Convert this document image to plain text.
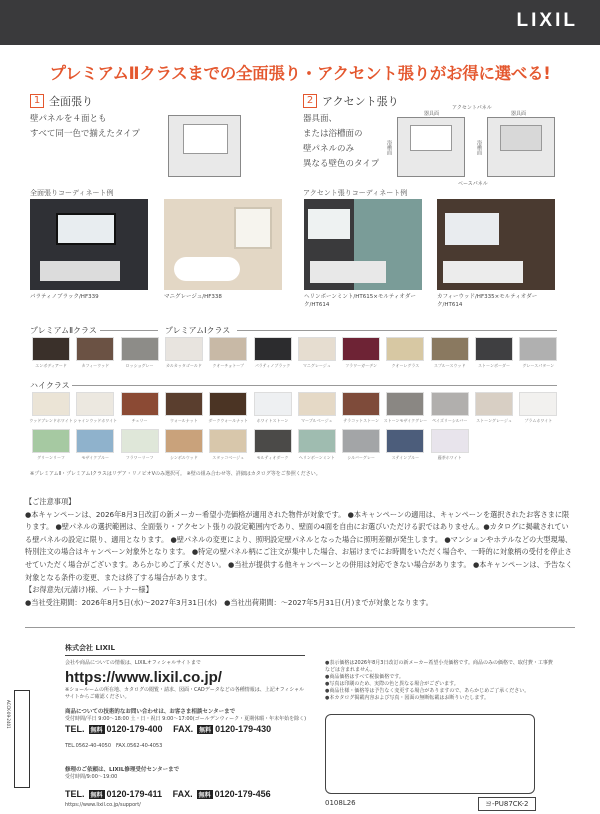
LIXIL
プレミアムⅡクラスまでの全面張り・アクセント張りがお得に選べる!
1 全面張り
壁パネルを４面とも
すべて同一色で揃えたタイプ
2 アクセント張り
器具面、
または浴槽面の
壁パネルのみ
異なる壁色のタイプ
器具面
アクセントパネル
器具面
浴槽面	浴槽面
ベースパネル
全面張りコーディネート例	アクセント張りコーディネート例
パラティノブラック/HF339	マニグレージュ/HF338	ヘリンボーンミント/HT615×モルティオダーク/HT614
カフィーウッド/HF335×モルティオダーク/HT614
プレミアムⅡクラス	プレミアムⅠクラス
ハイクラス
エンボディアード	カフィーウッド	ロッショグレー	カルカッタゴールド	クオーチョトープ	パラティノブラック	マニグレージュ	フラワーガーデン	クオーレグラス	スプルースウッド	ストーンボーダー	グレースパターン
ウッドブレンドホワイト シャインウッドホワイト	チェリー	ウォールナット	ダークウォールナット	ホワイトストーン	マーブルベージュ	テラコットストーン	ストーンモザイクグレー	ペイズリーシルバー	ストーングレージュ	プラムホワイト
グリーンリーフ	モザイクブルー	フラワーリーフ	シンボルウッド	スタッコベージュ	モルティオダーク	ヘリンボーンミント	シルバーグレー	ステインブルー	藤茶ホワイト
※プレミアムⅡ・プレミアムⅠクラスはリデア・リノビオVのみ選択可。 ※壁の組み合わせ等、詳細はカタログ等をご参照ください。
【ご注意事項】
●本キャンペーンは、2026年8月3日改訂の新メーカー希望小売価格が適用された物件が対象です。 ●本キャンペーンの適用は、キャンペーンを選択されたお客さまに限ります。 ●壁パネルの選択範囲は、全面張り・アクセント張りの設定範囲内であり、壁面の4面を自由にお選びいただける訳ではありません。●カタログに掲載されている壁パネルの設定に限り、適用となります。 ●壁パネルの変更により、照明設定壁パネルとなった場合に照明差額が発生します。 ●マンションやホテルなどの大型現場、特別注文の場合はキャンペーン対象外となります。 ●特定の壁パネル柄にご注文が集中した場合、お届けまでにお時間をいただく場合や、一時的に対象柄の受付を停止させていただく場合がございます。あらかじめご了承ください。 ●当社が提供する他キャンペーンとの併用は対応できない場合があります。 ●本キャンペーンは、予告なく対象となる条件の変更、または終了する場合があります。
【お得意先(元請け)様、パートナー様】
●当社受注期間：2026年8月5日(水)〜2027年3月31日(水)　 ●当社出荷期間：〜2027年5月31日(月)までが対象となります。
株式会社 LIXIL
会社や商品についての情報は、LIXILオフィシャルサイトまで
https://www.lixil.co.jp/
※ショールームの所在地、カタログの閲覧・請求、図面・CADデータなどの各種情報は、上記オフィシャルサイトからご確認ください。
商品についての技術的なお問い合わせは、お客さま相談センターまで
受付時間/平日 9:00〜18:00 土・日・祝日 9:00〜17:00(ゴールデンウィーク・夏期休暇・年末年始を除く)
TEL. 無料 0120-179-400 FAX. 無料 0120-179-430
TEL.0562-40-4050　FAX.0562-40-4053
修理のご依頼は、LIXIL修理受付センターまで
受付時間/9:00〜19:00
TEL. 無料 0120-179-411 FAX. 無料 0120-179-456
https://www.lixil.co.jp/support/
●表示価格は2026年8月3日改訂の新メーカー希望小売価格です。商品のみの価格で、取付費・工事費などは含まれません。
●商品価格はすべて税抜価格です。
●写真は印刷のため、実際の色と異なる場合がございます。
●商品仕様・価格等は予告なく変更する場合がありますので、あらかじめご了承ください。
●本カタログ掲載内容および写真・図面の無断転載はお断りいたします。
0108L26	ヨ-PU87CK-2
ACCK-09-2401
